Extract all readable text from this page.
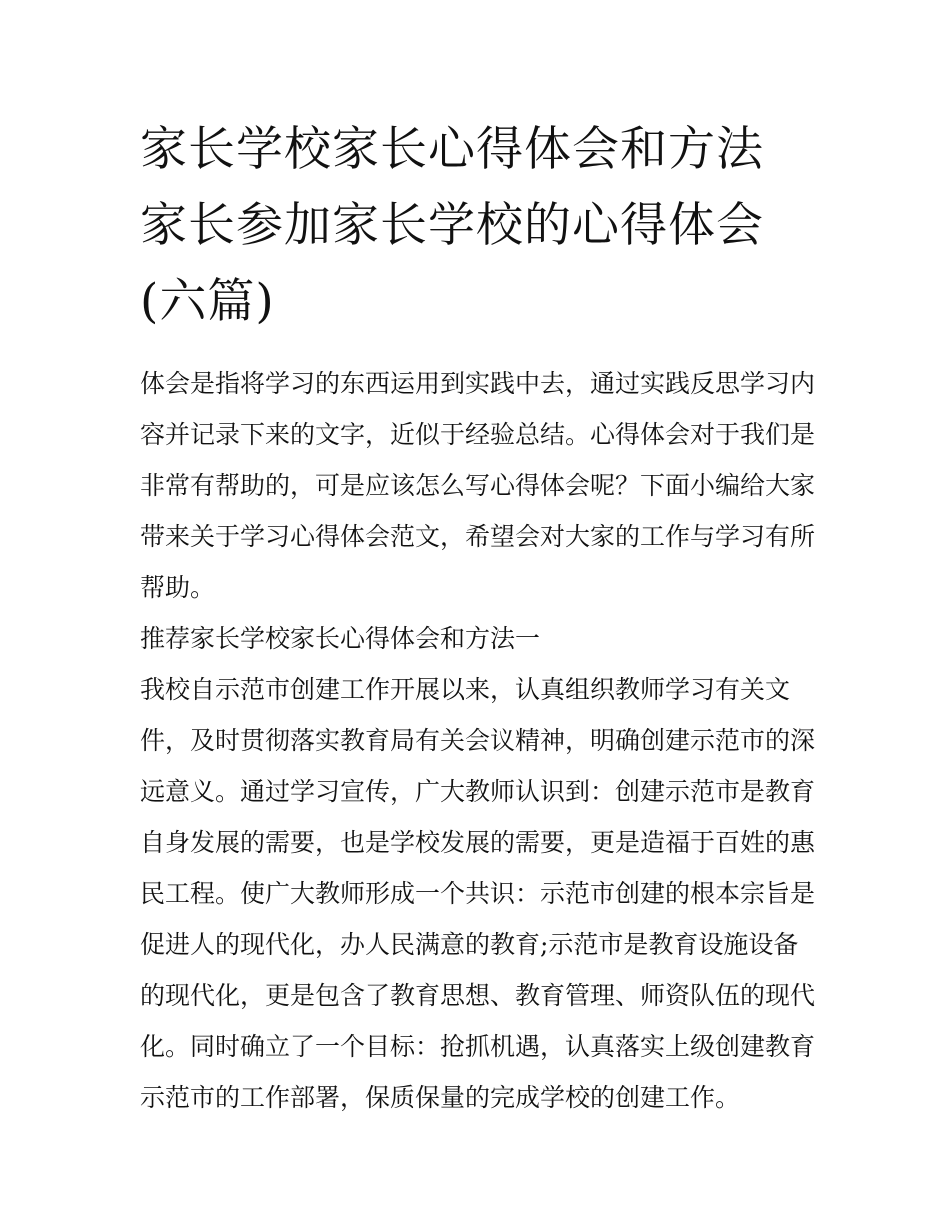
家长学校家长心得体会和方法
家长参加家长学校的心得体会
(六篇)

体会是指将学习的东西运用到实践中去，通过实践反思学习内
容并记录下来的文字，近似于经验总结。心得体会对于我们是
非常有帮助的，可是应该怎么写心得体会呢？下面小编给大家
带来关于学习心得体会范文，希望会对大家的工作与学习有所
帮助。

推荐家长学校家长心得体会和方法一

我校自示范市创建工作开展以来，认真组织教师学习有关文
件，及时贯彻落实教育局有关会议精神，明确创建示范市的深
远意义。通过学习宣传，广大教师认识到：创建示范市是教育
自身发展的需要，也是学校发展的需要，更是造福于百姓的惠
民工程。使广大教师形成一个共识：示范市创建的根本宗旨是
促进人的现代化，办人民满意的教育;示范市是教育设施设备
的现代化，更是包含了教育思想、教育管理、师资队伍的现代
化。同时确立了一个目标：抢抓机遇，认真落实上级创建教育
示范市的工作部署，保质保量的完成学校的创建工作。
